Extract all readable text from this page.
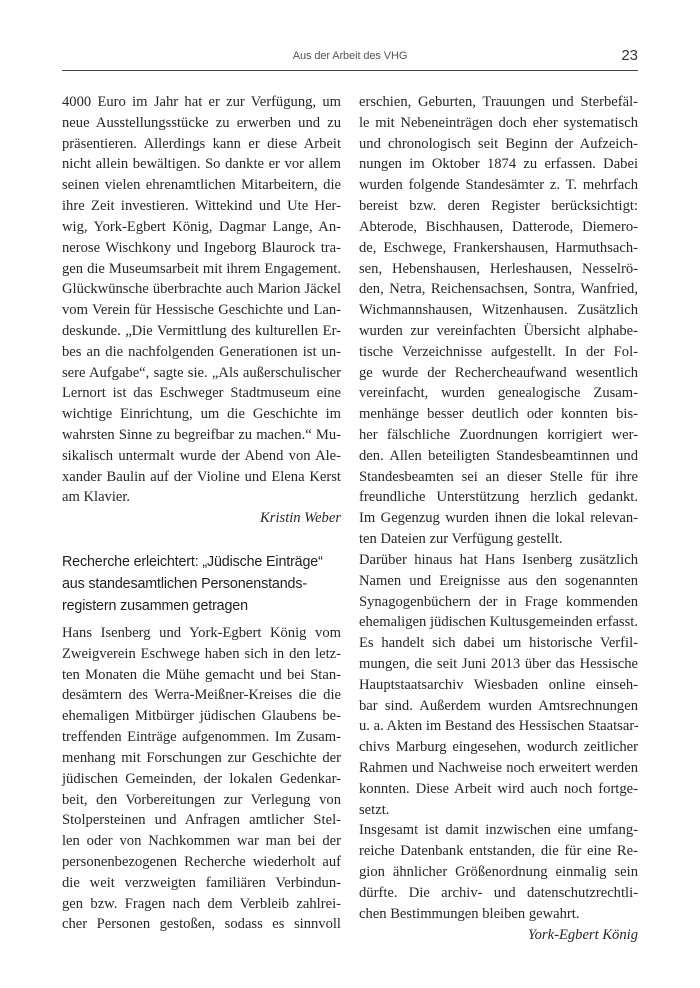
Aus der Arbeit des VHG	23
4000 Euro im Jahr hat er zur Verfügung, um
neue Ausstellungsstücke zu erwerben und zu
präsentieren. Allerdings kann er diese Arbeit
nicht allein bewältigen. So dankte er vor allem
seinen vielen ehrenamtlichen Mitarbeitern, die
ihre Zeit investieren. Wittekind und Ute Her-
wig, York-Egbert König, Dagmar Lange, An-
nerose Wischkony und Ingeborg Blaurock tra-
gen die Museumsarbeit mit ihrem Engagement.
Glückwünsche überbrachte auch Marion Jäckel
vom Verein für Hessische Geschichte und Lan-
deskunde. „Die Vermittlung des kulturellen Er-
bes an die nachfolgenden Generationen ist un-
sere Aufgabe“, sagte sie. „Als außerschulischer
Lernort ist das Eschweger Stadtmuseum eine
wichtige Einrichtung, um die Geschichte im
wahrsten Sinne zu begreifbar zu machen.“ Mu-
sikalisch untermalt wurde der Abend von Ale-
xander Baulin auf der Violine und Elena Kerst
am Klavier.
Kristin Weber
Recherche erleichtert: „Jüdische Einträge“
aus standesamtlichen Personenstands-
registern zusammen getragen
Hans Isenberg und York-Egbert König vom
Zweigverein Eschwege haben sich in den letz-
ten Monaten die Mühe gemacht und bei Stan-
desämtern des Werra-Meißner-Kreises die die
ehemaligen Mitbürger jüdischen Glaubens be-
treffenden Einträge aufgenommen. Im Zusam-
menhang mit Forschungen zur Geschichte der
jüdischen Gemeinden, der lokalen Gedenkar-
beit, den Vorbereitungen zur Verlegung von
Stolpersteinen und Anfragen amtlicher Stel-
len oder von Nachkommen war man bei der
personenbezogenen Recherche wiederholt auf
die weit verzweigten familiären Verbindun-
gen bzw. Fragen nach dem Verbleib zahlrei-
cher Personen gestoßen, sodass es sinnvoll
erschien, Geburten, Trauungen und Sterbefäl-
le mit Nebeneinträgen doch eher systematisch
und chronologisch seit Beginn der Aufzeich-
nungen im Oktober 1874 zu erfassen. Dabei
wurden folgende Standesämter z. T. mehrfach
bereist bzw. deren Register berücksichtigt:
Abterode, Bischhausen, Datterode, Diemero-
de, Eschwege, Frankershausen, Harmuthsach-
sen, Hebenshausen, Herleshausen, Nesselrö-
den, Netra, Reichensachsen, Sontra, Wanfried,
Wichmannshausen, Witzenhausen. Zusätzlich
wurden zur vereinfachten Übersicht alphabe-
tische Verzeichnisse aufgestellt. In der Fol-
ge wurde der Rechercheaufwand wesentlich
vereinfacht, wurden genealogische Zusam-
menhänge besser deutlich oder konnten bis-
her fälschliche Zuordnungen korrigiert wer-
den. Allen beteiligten Standesbeamtinnen und
Standesbeamten sei an dieser Stelle für ihre
freundliche Unterstützung herzlich gedankt.
Im Gegenzug wurden ihnen die lokal relevan-
ten Dateien zur Verfügung gestellt.
Darüber hinaus hat Hans Isenberg zusätzlich
Namen und Ereignisse aus den sogenannten
Synagogenbüchern der in Frage kommenden
ehemaligen jüdischen Kultusgemeinden erfasst.
Es handelt sich dabei um historische Verfil-
mungen, die seit Juni 2013 über das Hessische
Hauptstaatsarchiv Wiesbaden online einseh-
bar sind. Außerdem wurden Amtsrechnungen
u. a. Akten im Bestand des Hessischen Staatsar-
chivs Marburg eingesehen, wodurch zeitlicher
Rahmen und Nachweise noch erweitert werden
konnten. Diese Arbeit wird auch noch fortge-
setzt.
Insgesamt ist damit inzwischen eine umfang-
reiche Datenbank entstanden, die für eine Re-
gion ähnlicher Größenordnung einmalig sein
dürfte. Die archiv- und datenschutzrechtli-
chen Bestimmungen bleiben gewahrt.
York-Egbert König
